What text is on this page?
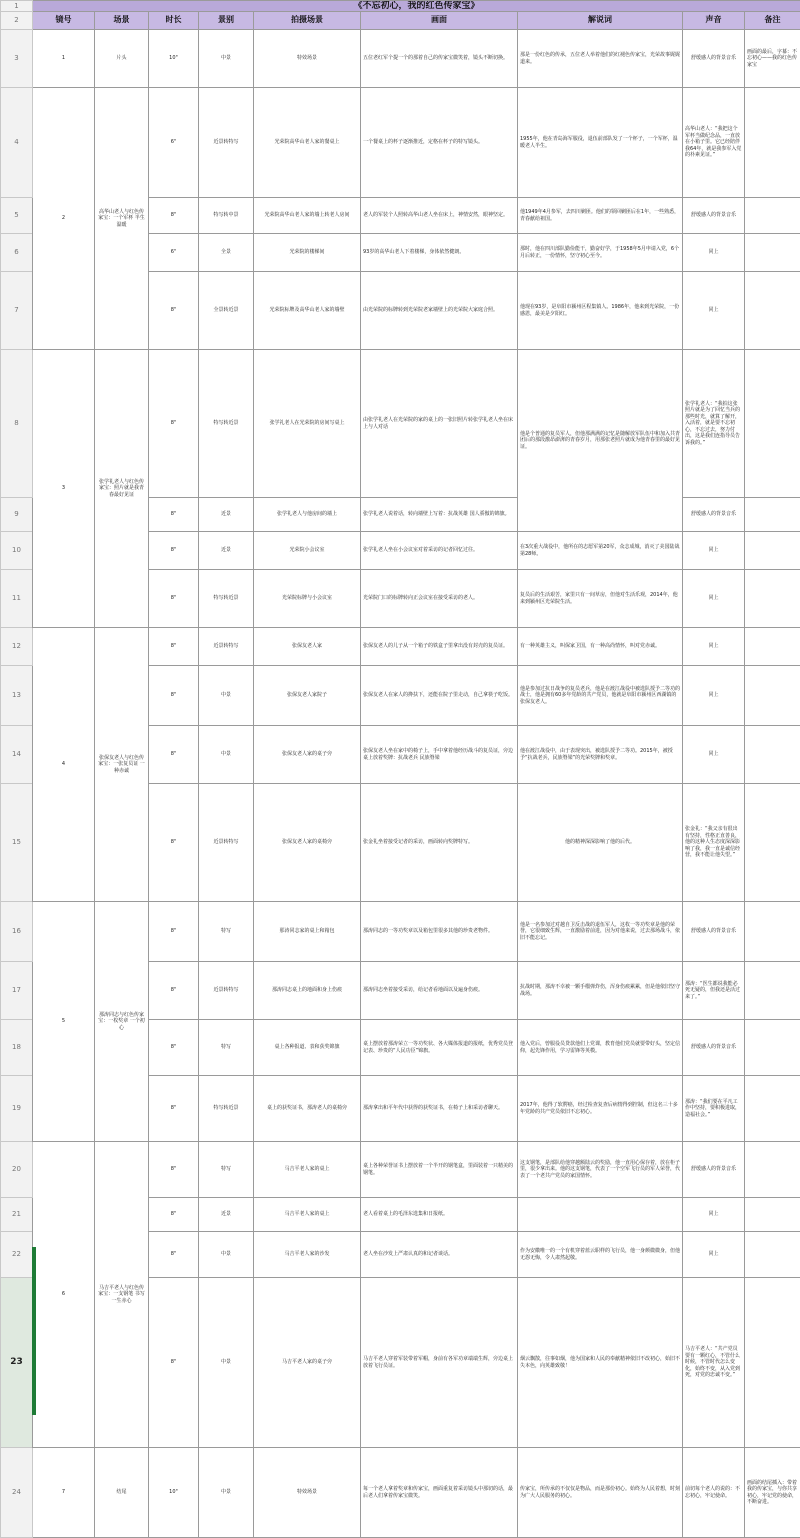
1	《不忘初心，我的红色传家宝》								
2	镜号	场景	时长	景别	拍摄场景	画面	解说词	声音	备注
3	1	片头	10"	中景	特效场景	五位老红军个提一个的那着自己的传家宝微笑着，镜头不断切换。	那是一份红色的传承，五位老人举着他们的红褪色传家宝，光荣故事娓娓道来。	舒缓感人的背景音乐	画面的最后，字幕：不忘初心——我的红色传家宝
4	2	高华山老人与红色传家宝：一个军杯 半生温暖	6"	近景转特写	光荣院高华山老人家的餐桌上	一个餐桌上的杯子逐渐推近，定格在杯子的特写镜头。	1955年，他在青岛海军服役，退伍前部队发了一个杯子，一个军杯，温暖老人半生。	高华山老人：“我把这个军杯当做纪念品，一直放在小箱子里。它已经陪伴我64年，就是我参军入党的朴素见证。”	
5			8"	特写转中景	光荣院高华山老人家的墙上转老人房间	老人的军装个人照转高华山老人坐在床上，神情安然，眼神坚定。	他1949年4月参军，去四川剿匪。他们的领回剿匪后在1年，一些熟悉，青春献给祖国。	舒缓感人的背景音乐	
6			6"	全景	光荣院的楼梯间	93岁的高华山老人下着楼梯，身体依然健朗。	那时，他在四川部队勤俭能干，勤奋好学，于1958年5月申请入党，6个月后转正，一份情怀，坚守初心至今。	同上	
7			8"	全景转近景	光荣院标牌及高华山老人家的墙壁	由光荣院的标牌转到光荣院老家墙壁上的光荣院大家庭合照。	他现在93岁，是阜阳市颍州区程集镇人。1986年，他来到光荣院，一份感恩，最美是夕阳红。	同上	
8	3	张学礼老人与红色传家宝：照片就是我青春最好见证	8"	特写转近景	张学礼老人在光荣院的房间写桌上	由张学礼老人在光荣院的家的桌上的一张旧照片转张学礼老人坐在床上与人对话	他是个普通的复员军人，但他那满满的记忆是随解放军队伍中和加入共青团后的那段激昂澎湃的青春岁月，用那张老照片就成为他青春里的最好见证。	张学礼老人：“我拍这张照片就是为了回忆当兵的那些时光，就算了解开，入活着，就是要不忘初心，不忘过去，努力付出，这是我们连指导员告诉我的。”	
9			8"	近景	张学礼老人与他房间的墙上	张学礼老人说着话，转向墙壁上写着：抗战英雄 国人骄傲的锦旗。		舒缓感人的背景音乐	
10			8"	近景	光荣院小会议室	张学礼老人坐在小会议室对着采访的记者回忆过往。	在3次重大战役中，他所在的志愿军第20军，众志成城，消灭了美国陆战第28师。	同上	
11			8"	特写转近景	光荣院标牌与小会议室	光荣院门口的标牌转向正会议室在接受采访的老人。	复员后的生活艰苦，家里只有一间草房，但他对生活乐观，2014年，他来到颍州区光荣院生活。	同上	
12	4	张保友老人与红色传家宝：一张复员证 一种赤诚	8"	近景转特写	张保友老人家	张保友老人的儿子从一个箱子的铁盒子里拿出没有封壳的复员证。	有一种英雄主义，叫保家卫国，有一种高尚情怀，叫对党赤诚。	同上	
13			8"	中景	张保友老人家院子	张保友老人在家人的搀扶下，还能在院子里走动，自己拿筷子吃饭。	他是参加过抗日战争的复员老兵，他是在渡江战役中被选队授予二等功的战士，他是拥有60多年党龄的共产党员，他就是阜阳市颍州区西湖镇的张保友老人。	同上	
14			8"	中景	张保友老人家的桌子旁	张保友老人坐在家中的椅子上，手中拿着他经历战斗的复员证，旁边桌上放着奖牌：抗战老兵 民族脊梁	他在渡江战役中，由于表现突出，被选队授予二等功。2015年，被授予“抗战老兵，民族脊梁”的光荣奖牌和奖章。	同上	
15			8"	近景转特写	张保友老人家的桌椅旁	张金礼坐着接受记者的采访，画面转向奖牌特写。	他的精神深深影响了他的后代。	张金礼：“我父亲有很出有坚持，性格正直善良，他的这种人生态度深深影响了我，我一直是诚信经营，我不能让他失望。”	
16	5	那涛同志与红色传家宝：一枚奖章 一个初心	8"	特写	那涛同志家的桌上和箱包	那涛同志的一等功奖章以及箱包里很多其他的珍贵老物件。	他是一名参加过对越自卫反击战的退伍军人，这枚一等功奖章是他的荣誉，它很细致生辉，一直激励着前进，因为对他来说，过去那场战斗，依旧不能忘记。	舒缓感人的背景音乐	
17			8"	近景转特写	那涛同志桌上的地面和身上伤痕	那涛同志坐着接受采访，给记者看地面以及遍身伤痕。	抗战时期，那涛不幸被一颗手榴弹炸伤，浑身伤痕累累，但是他依旧坚守战场。	那涛：“医生都说我能必死无疑的，但我还是活过来了。”	
18			8"	特写	桌上各种报道、表和获奖锦旗	桌上摆放着那涛荣立一等功奖状、各大媒体报道的报纸，优秀党员登记表、珍贵的“人民功臣”锦旗。	他入党后，曾服役员贷款他们上党课，教育他们党员就要带好头，坚定信仰，起先锋作用，学习雷锋等英模。	舒缓感人的背景音乐	
19			8"	特写转近景	桌上的获奖证书，那涛老人的桌椅旁	那涛拿出和平年代中获得的获奖证书，在椅子上和采访者聊天。	2017年，他得了软腭癌，经过检查复查后病情得到控制，但这名三十多年党龄的共产党员依旧不忘初心。	那涛：“我们要在平凡工作中坚持，要积极进取，造福社会。”	
20	6	马吉平老人与红色传家宝：一支钢笔 书写一生赤心	8"	特写	马吉平老人家的桌上	桌上各种荣誉证书上摆放着一个半开的钢笔盒，里面装着一只精美的钢笔。	这支钢笔，是部队给他穿越额陆云的奖励，他一直用心保存着，放在柜子里，很少拿出来。他的这支钢笔，代表了一个空军飞行员的军人荣誉，代表了一个老共产党员的家国情怀。	舒缓感人的背景音乐	
21			8"	近景	马吉平老人家的桌上	老人看着桌上的毛泽东选集和日报纸。		同上	
22			8"	中景	马吉平老人家的沙发	老人坐在沙发上严肃认真的和记者谈话。	作为安徽唯一的一个有机穿着蓝云职样的飞行员，他一身颜微微身，但他无怨无悔，令人肃然起敬。	同上	
23			8"	中景	马吉平老人家的桌子旁	马吉平老人穿着军装带着军帽，身前有各军功章端端生辉，旁边桌上放着飞行员证。	烟云飘散，往事如烟，他为国家和人民的奉献精神依旧不改初心，始旧不失本色，向英雄致敬！	马吉平老人：“共产党员要有一颗红心，不管什么时候，不管时代怎么变化，始终不变，从入党到死，对党的忠诚不变。”	
24	7	结尾	10"	中景	特效场景	每一个老人拿着奖章和传家宝，画面重复着采访镜头中那切的话，最后老人们拿着传家宝微笑。	传家宝，所传承的不仅仅是物品，而是那份初心。始终为人民着想，时刻为广大人民服务的初心。	前切每个老人的说的：不忘初心，牢记使命。	画面的结尾插入：带着我的传家宝，与你共享初心，牢记党的使命，不断奋进。
